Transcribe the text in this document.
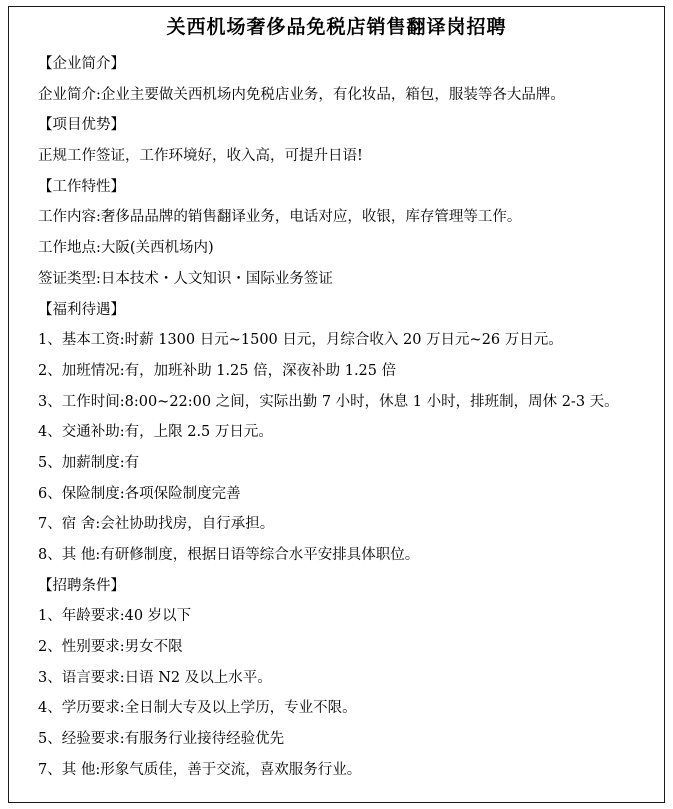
关西机场奢侈品免税店销售翻译岗招聘
【企业简介】
企业简介:企业主要做关西机场内免税店业务，有化妆品，箱包，服装等各大品牌。
【项目优势】
正规工作签证，工作环境好，收入高，可提升日语!
【工作特性】
工作内容:奢侈品品牌的销售翻译业务，电话对应，收银，库存管理等工作。
工作地点:大阪(关西机场内)
签证类型:日本技术・人文知识・国际业务签证
【福利待遇】
1、基本工资:时薪 1300 日元~1500 日元，月综合收入 20 万日元~26 万日元。
2、加班情况:有，加班补助 1.25 倍，深夜补助 1.25 倍
3、工作时间:8:00~22:00 之间，实际出勤 7 小时，休息 1 小时，排班制，周休 2-3 天。
4、交通补助:有，上限 2.5 万日元。
5、加薪制度:有
6、保险制度:各项保险制度完善
7、宿 舍:会社协助找房，自行承担。
8、其 他:有研修制度，根据日语等综合水平安排具体职位。
【招聘条件】
1、年龄要求:40 岁以下
2、性别要求:男女不限
3、语言要求:日语 N2 及以上水平。
4、学历要求:全日制大专及以上学历，专业不限。
5、经验要求:有服务行业接待经验优先
7、其 他:形象气质佳，善于交流，喜欢服务行业。
